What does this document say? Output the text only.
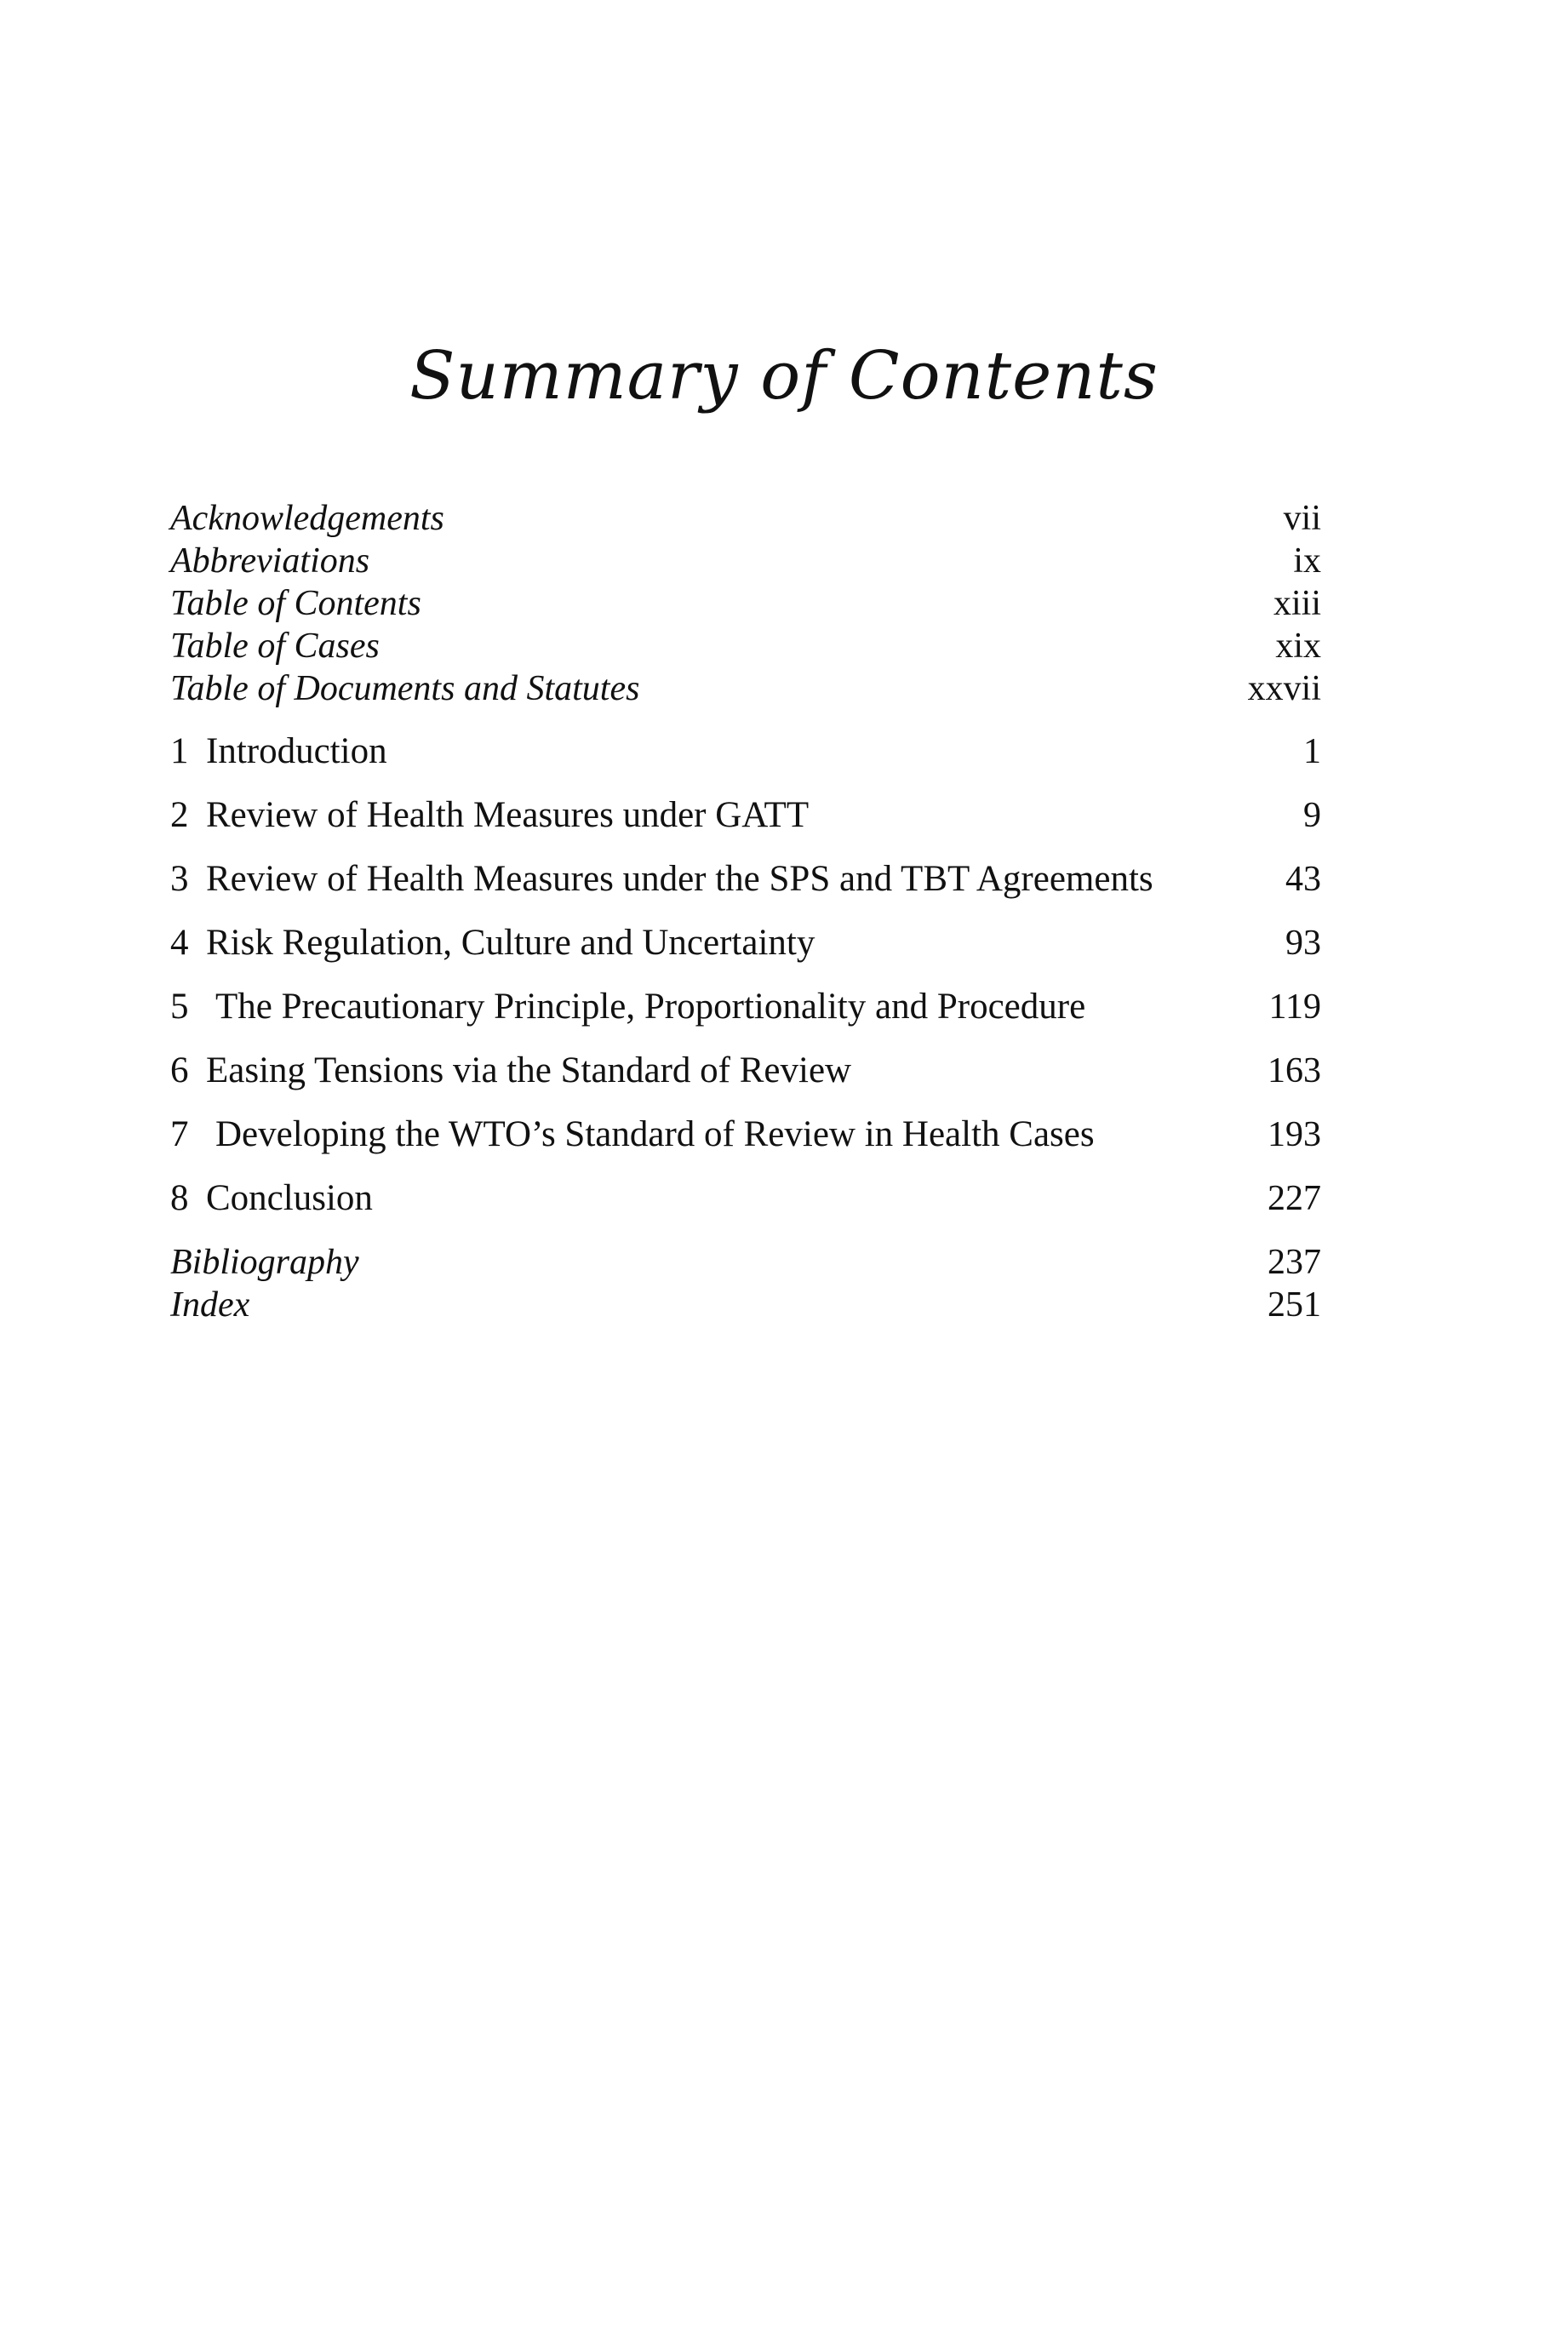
Summary of Contents
Acknowledgements	vii
Abbreviations	ix
Table of Contents	xiii
Table of Cases	xix
Table of Documents and Statutes	xxvii
1 Introduction	1
2 Review of Health Measures under GATT	9
3 Review of Health Measures under the SPS and TBT Agreements	43
4 Risk Regulation, Culture and Uncertainty	93
5 The Precautionary Principle, Proportionality and Procedure	119
6 Easing Tensions via the Standard of Review	163
7 Developing the WTO’s Standard of Review in Health Cases	193
8 Conclusion	227
Bibliography	237
Index	251
